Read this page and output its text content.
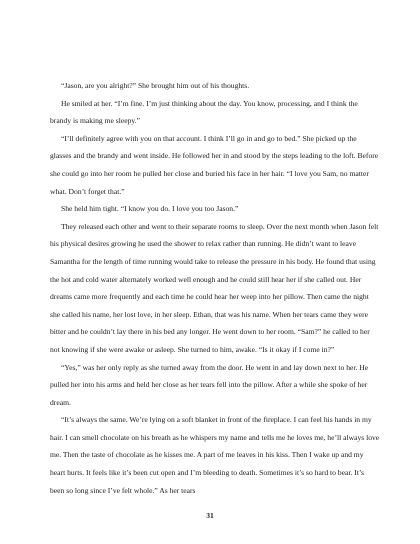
“Jason, are you alright?” She brought him out of his thoughts.

He smiled at her. “I’m fine. I’m just thinking about the day. You know, processing, and I think the brandy is making me sleepy.”

“I’ll definitely agree with you on that account. I think I’ll go in and go to bed.” She picked up the glasses and the brandy and went inside. He followed her in and stood by the steps leading to the loft. Before she could go into her room he pulled her close and buried his face in her hair. “I love you Sam, no matter what. Don’t forget that.”

She held him tight. “I know you do. I love you too Jason.”

They released each other and went to their separate rooms to sleep. Over the next month when Jason felt his physical desires growing he used the shower to relax rather than running. He didn’t want to leave Samantha for the length of time running would take to release the pressure in his body. He found that using the hot and cold water alternately worked well enough and he could still hear her if she called out. Her dreams came more frequently and each time he could hear her weep into her pillow. Then came the night she called his name, her lost love, in her sleep. Ethan, that was his name. When her tears came they were bitter and he couldn’t lay there in his bed any longer. He went down to her room. “Sam?” he called to her not knowing if she were awake or asleep. She turned to him, awake. “Is it okay if I come in?”

“Yes,” was her only reply as she turned away from the door. He went in and lay down next to her. He pulled her into his arms and held her close as her tears fell into the pillow. After a while she spoke of her dream.

“It’s always the same. We’re lying on a soft blanket in front of the fireplace. I can feel his hands in my hair. I can smell chocolate on his breath as he whispers my name and tells me he loves me, he’ll always love me. Then the taste of chocolate as he kisses me. A part of me leaves in his kiss. Then I wake up and my heart hurts. It feels like it’s been cut open and I’m bleeding to death. Sometimes it’s so hard to bear. It’s been so long since I’ve felt whole.” As her tears

31
